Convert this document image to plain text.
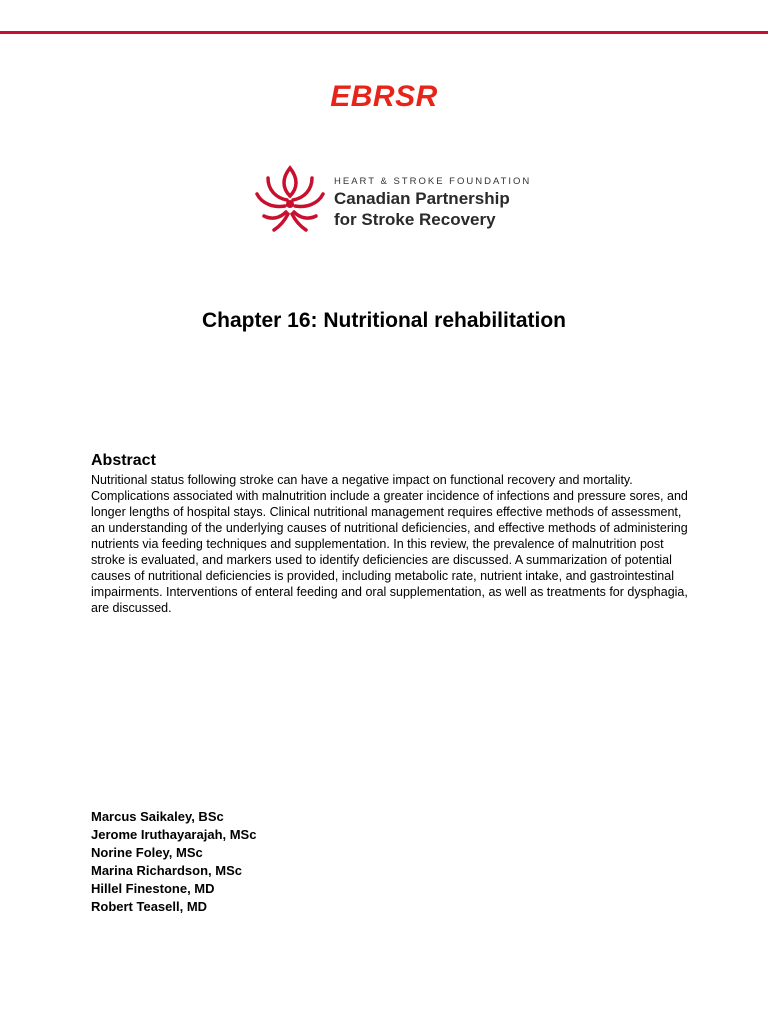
EBRSR
HEART & STROKE FOUNDATION
Canadian Partnership
for Stroke Recovery
Chapter 16: Nutritional rehabilitation
Abstract

Nutritional status following stroke can have a negative impact on functional recovery and mortality. Complications associated with malnutrition include a greater incidence of infections and pressure sores, and longer lengths of hospital stays. Clinical nutritional management requires effective methods of assessment, an understanding of the underlying causes of nutritional deficiencies, and effective methods of administering nutrients via feeding techniques and supplementation. In this review, the prevalence of malnutrition post stroke is evaluated, and markers used to identify deficiencies are discussed. A summarization of potential causes of nutritional deficiencies is provided, including metabolic rate, nutrient intake, and gastrointestinal impairments. Interventions of enteral feeding and oral supplementation, as well as treatments for dysphagia, are discussed.

Marcus Saikaley, BSc
Jerome Iruthayarajah, MSc
Norine Foley, MSc
Marina Richardson, MSc
Hillel Finestone, MD
Robert Teasell, MD
